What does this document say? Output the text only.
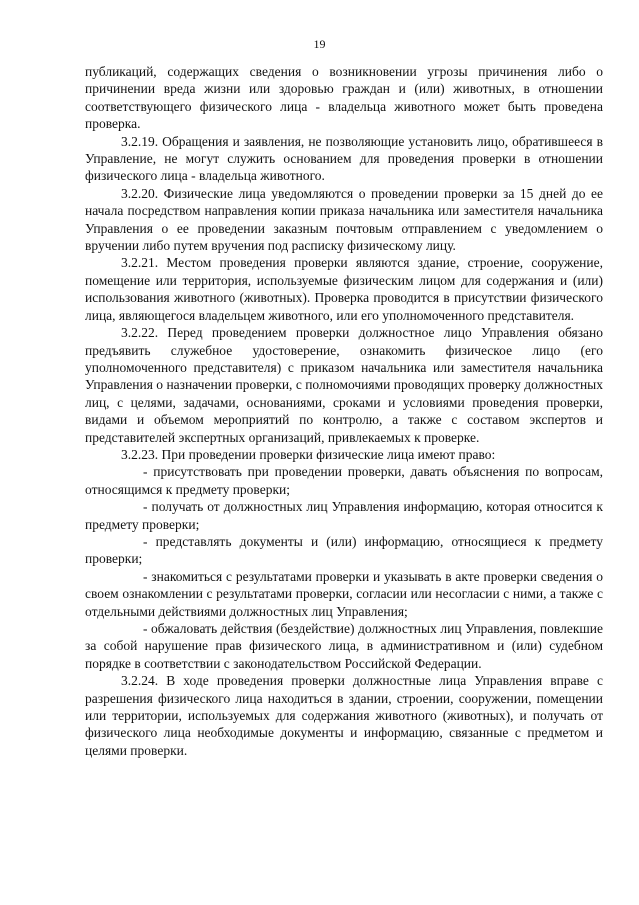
19

публикаций, содержащих сведения о возникновении угрозы причинения либо о причинении вреда жизни или здоровью граждан и (или) животных, в отношении соответствующего физического лица - владельца животного может быть проведена проверка.

3.2.19. Обращения и заявления, не позволяющие установить лицо, обратившееся в Управление, не могут служить основанием для проведения проверки в отношении физического лица - владельца животного.

3.2.20. Физические лица уведомляются о проведении проверки за 15 дней до ее начала посредством направления копии приказа начальника или заместителя начальника Управления о ее проведении заказным почтовым отправлением с уведомлением о вручении либо путем вручения под расписку физическому лицу.

3.2.21. Местом проведения проверки являются здание, строение, сооружение, помещение или территория, используемые физическим лицом для содержания и (или) использования животного (животных). Проверка проводится в присутствии физического лица, являющегося владельцем животного, или его уполномоченного представителя.

3.2.22. Перед проведением проверки должностное лицо Управления обязано предъявить служебное удостоверение, ознакомить физическое лицо (его уполномоченного представителя) с приказом начальника или заместителя начальника Управления о назначении проверки, с полномочиями проводящих проверку должностных лиц, с целями, задачами, основаниями, сроками и условиями проведения проверки, видами и объемом мероприятий по контролю, а также с составом экспертов и представителей экспертных организаций, привлекаемых к проверке.

3.2.23. При проведении проверки физические лица имеют право:

- присутствовать при проведении проверки, давать объяснения по вопросам, относящимся к предмету проверки;

- получать от должностных лиц Управления информацию, которая относится к предмету проверки;

- представлять документы и (или) информацию, относящиеся к предмету проверки;

- знакомиться с результатами проверки и указывать в акте проверки сведения о своем ознакомлении с результатами проверки, согласии или несогласии с ними, а также с отдельными действиями должностных лиц Управления;

- обжаловать действия (бездействие) должностных лиц Управления, повлекшие за собой нарушение прав физического лица, в административном и (или) судебном порядке в соответствии с законодательством Российской Федерации.

3.2.24. В ходе проведения проверки должностные лица Управления вправе с разрешения физического лица находиться в здании, строении, сооружении, помещении или территории, используемых для содержания животного (животных), и получать от физического лица необходимые документы и информацию, связанные с предметом и целями проверки.
